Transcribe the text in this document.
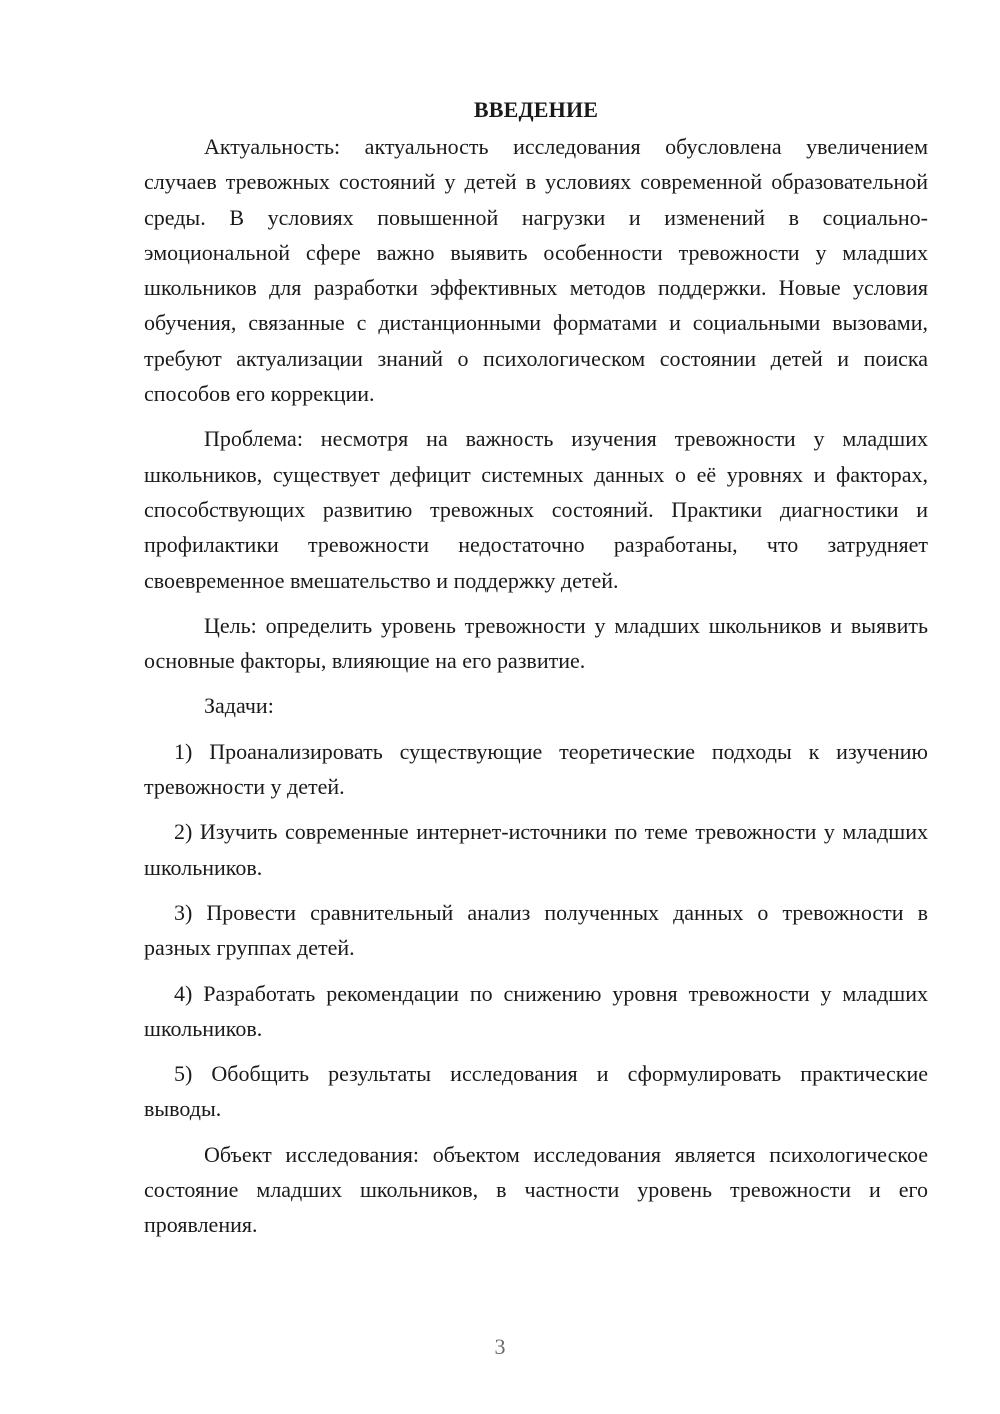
ВВЕДЕНИЕ

Актуальность: актуальность исследования обусловлена увеличением случаев тревожных состояний у детей в условиях современной образовательной среды. В условиях повышенной нагрузки и изменений в социально-эмоциональной сфере важно выявить особенности тревожности у младших школьников для разработки эффективных методов поддержки. Новые условия обучения, связанные с дистанционными форматами и социальными вызовами, требуют актуализации знаний о психологическом состоянии детей и поиска способов его коррекции.

Проблема: несмотря на важность изучения тревожности у младших школьников, существует дефицит системных данных о её уровнях и факторах, способствующих развитию тревожных состояний. Практики диагностики и профилактики тревожности недостаточно разработаны, что затрудняет своевременное вмешательство и поддержку детей.

Цель: определить уровень тревожности у младших школьников и выявить основные факторы, влияющие на его развитие.

Задачи:

1) Проанализировать существующие теоретические подходы к изучению тревожности у детей.

2) Изучить современные интернет-источники по теме тревожности у младших школьников.

3) Провести сравнительный анализ полученных данных о тревожности в разных группах детей.

4) Разработать рекомендации по снижению уровня тревожности у младших школьников.

5) Обобщить результаты исследования и сформулировать практические выводы.

Объект исследования: объектом исследования является психологическое состояние младших школьников, в частности уровень тревожности и его проявления.

3
